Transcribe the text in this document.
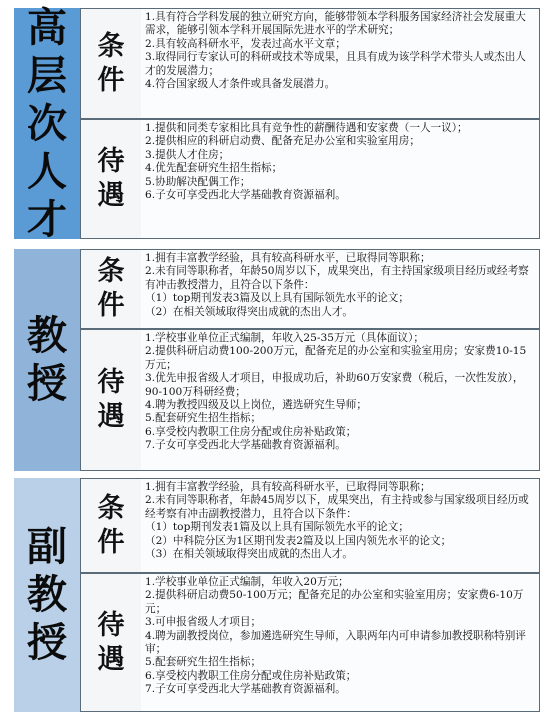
高
层
次
人
才
条
件

1.具有符合学科发展的独立研究方向，能够带领本学科服务国家经济社会发展重大需求，能够引领本学科开展国际先进水平的学术研究；

2.具有较高科研水平，发表过高水平文章；

3.取得同行专家认可的科研或技术等成果，且具有成为该学科学术带头人或杰出人才的发展潜力；

4.符合国家级人才条件或具备发展潜力。

待
遇

1.提供和同类专家相比具有竞争性的薪酬待遇和安家费（一人一议）；

2.提供相应的科研启动费、配备充足办公室和实验室用房；

3.提供人才住房；

4.优先配套研究生招生指标；

5.协助解决配偶工作；

6.子女可享受西北大学基础教育资源福利。

教
授
条
件

1.拥有丰富教学经验，具有较高科研水平，已取得同等职称；

2.未有同等职称者，年龄50周岁以下，成果突出，有主持国家级项目经历或经考察有冲击教授潜力，且符合以下条件：

（1）top期刊发表3篇及以上具有国际领先水平的论文；

（2）在相关领域取得突出成就的杰出人才。

待
遇

1.学校事业单位正式编制，年收入25-35万元（具体面议）；

2.提供科研启动费100-200万元，配备充足的办公室和实验室用房；安家费10-15万元；

3.优先申报省级人才项目，申报成功后，补助60万安家费（税后，一次性发放），90-100万科研经费；

4.聘为教授四级及以上岗位，遴选研究生导师；

5.配套研究生招生指标；

6.享受校内教职工住房分配或住房补贴政策；

7.子女可享受西北大学基础教育资源福利。

副
教
授
条
件

1.拥有丰富教学经验，具有较高科研水平，已取得同等职称；

2.未有同等职称者，年龄45周岁以下，成果突出，有主持或参与国家级项目经历或经考察有冲击副教授潜力，且符合以下条件：

（1）top期刊发表1篇及以上具有国际领先水平的论文；

（2）中科院分区为1区期刊发表2篇及以上国内领先水平的论文；

（3）在相关领域取得突出成就的杰出人才。

待
遇

1.学校事业单位正式编制，年收入20万元；

2.提供科研启动费50-100万元；配备充足的办公室和实验室用房；安家费6-10万元；

3.可申报省级人才项目；

4.聘为副教授岗位，参加遴选研究生导师，入职两年内可申请参加教授职称特别评审；

5.配套研究生招生指标；

6.享受校内教职工住房分配或住房补贴政策；

7.子女可享受西北大学基础教育资源福利。
